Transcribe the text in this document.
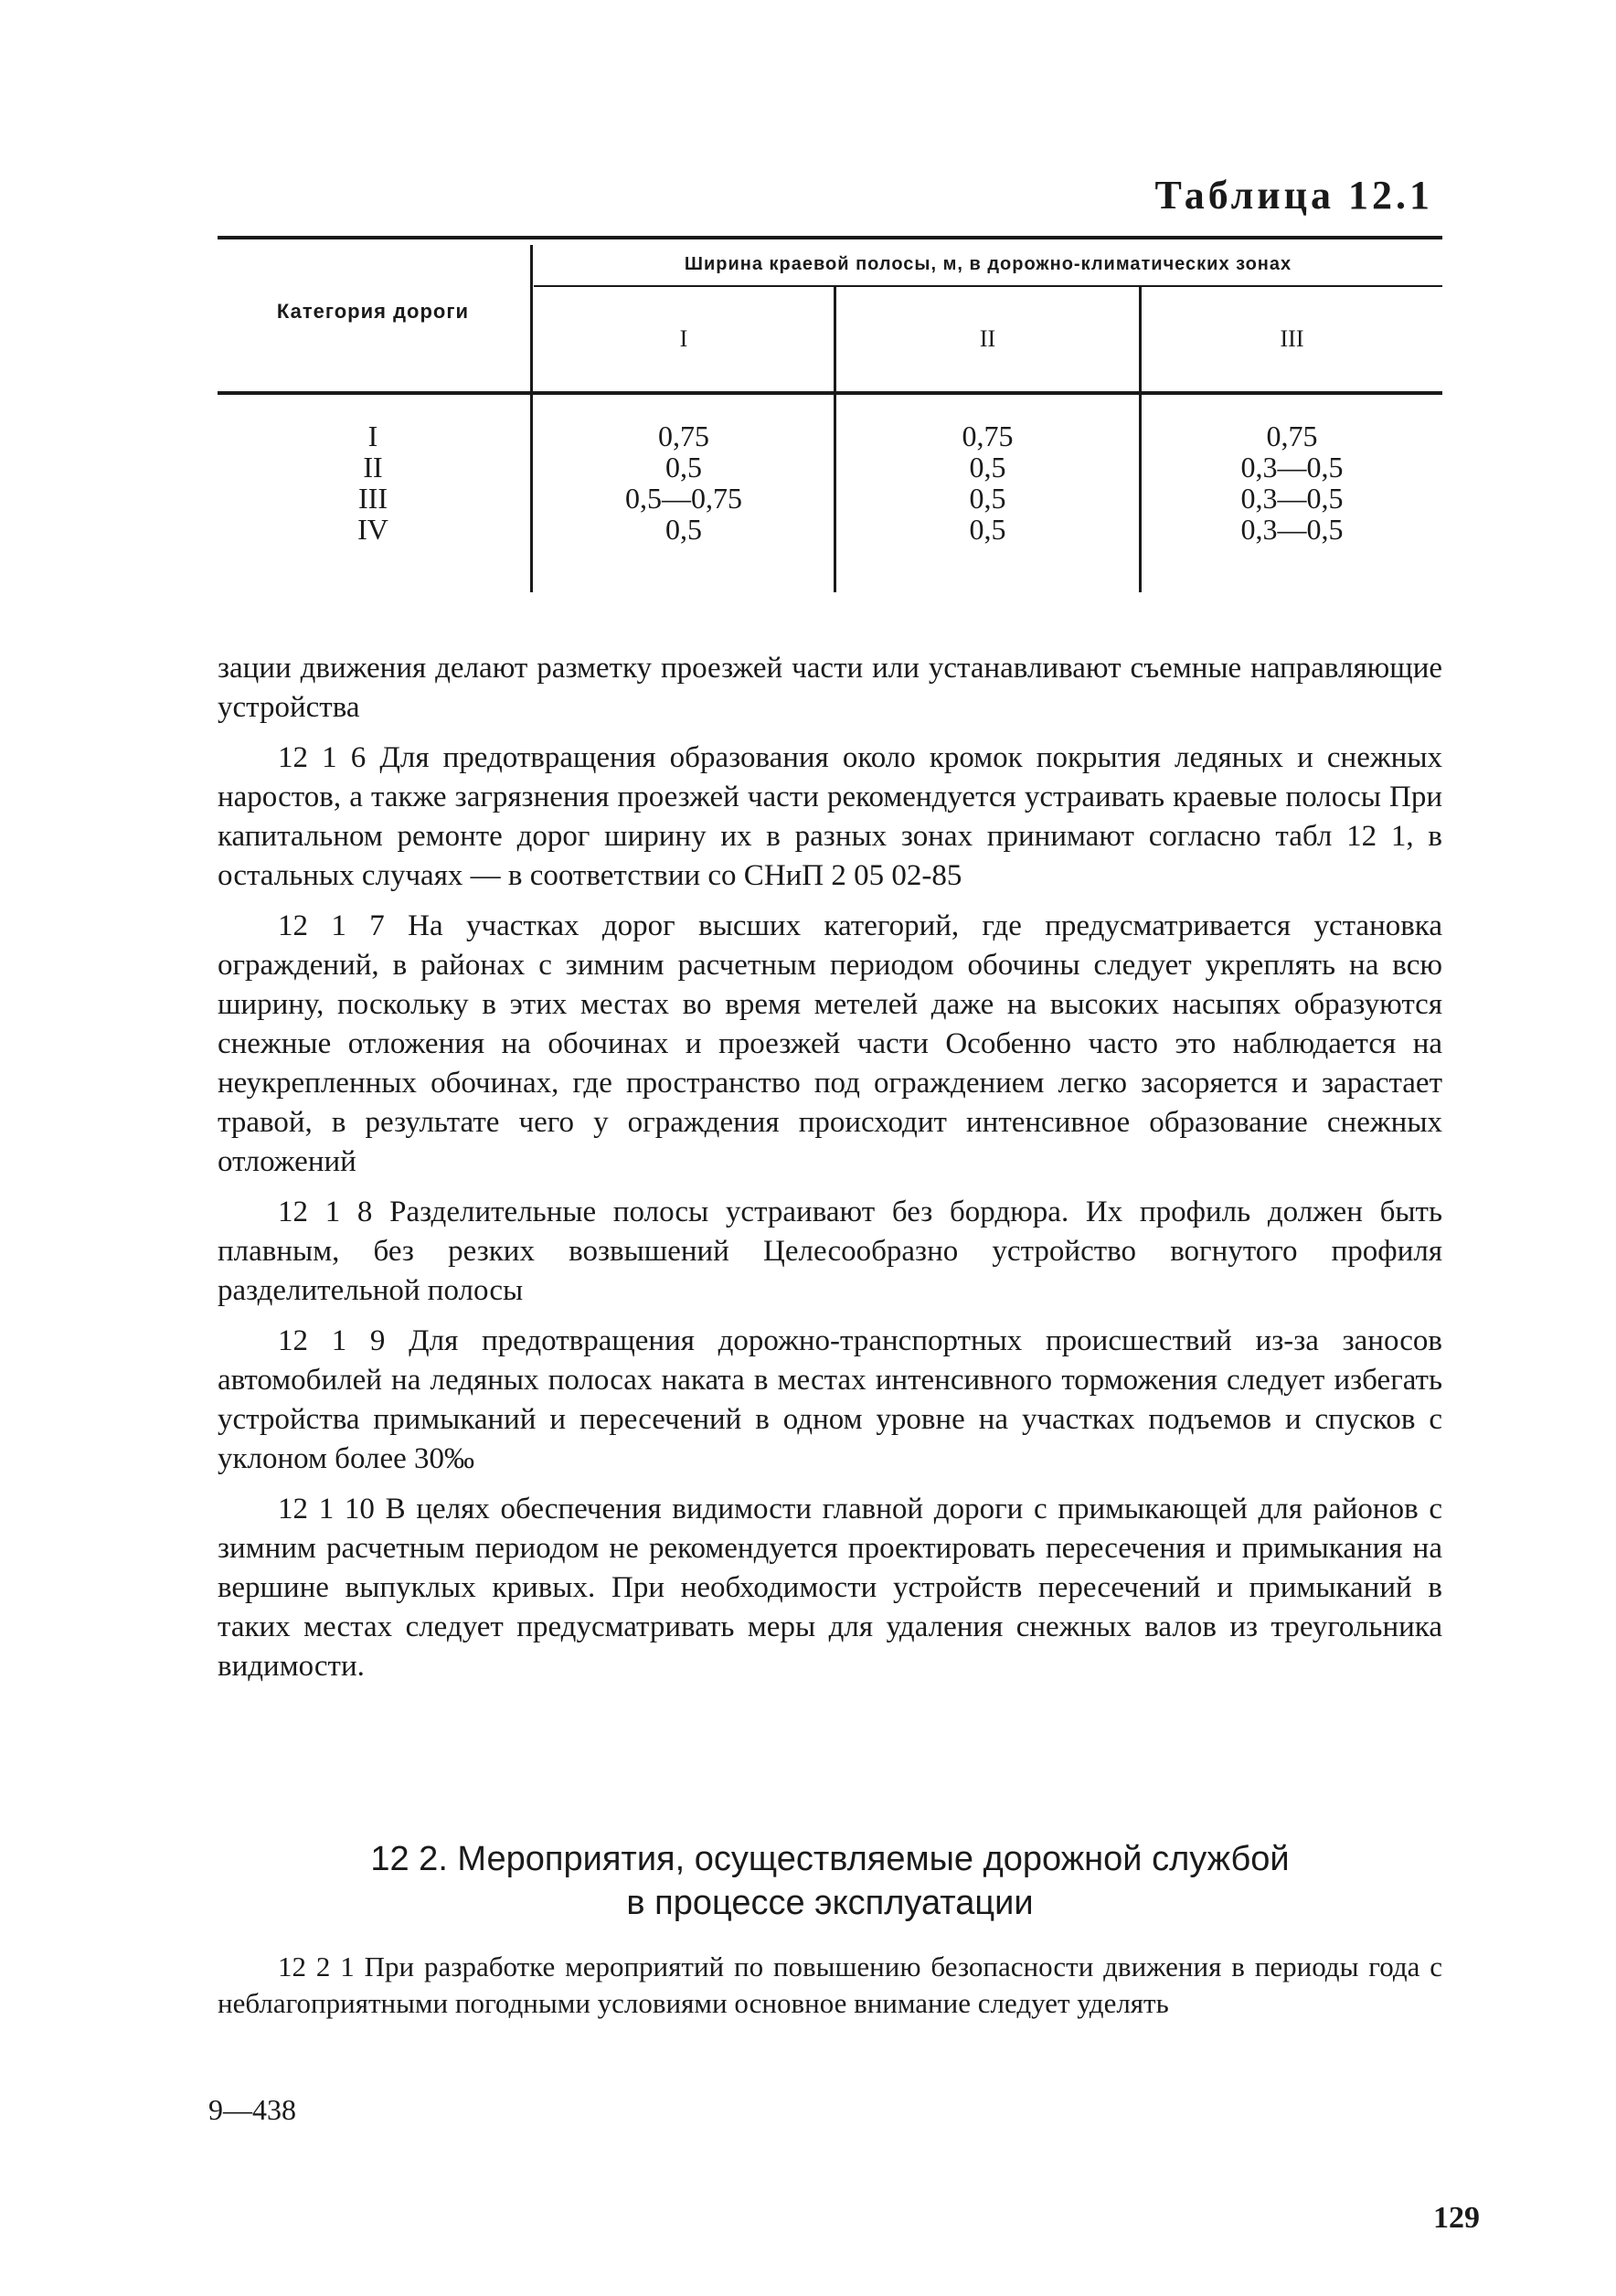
Таблица 12.1
Категория дороги
Ширина краевой полосы, м, в дорожно-климатических зонах
I	II	III
I
II
III
IV
0,75
0,5
0,5—0,75
0,5
0,75
0,5
0,5
0,5
0,75
0,3—0,5
0,3—0,5
0,3—0,5

зации движения делают разметку проезжей части или устанавливают съемные направляющие устройства

12 1 6 Для предотвращения образования около кромок покрытия ледяных и снежных наростов, а также загрязнения проезжей части рекомендуется устраивать краевые полосы При капитальном ремонте дорог ширину их в разных зонах принимают согласно табл 12 1, в остальных случаях — в соответствии со СНиП 2 05 02-85

12 1 7 На участках дорог высших категорий, где предусматривается установка ограждений, в районах с зимним расчетным периодом обочины следует укреплять на всю ширину, поскольку в этих местах во время метелей даже на высоких насыпях образуются снежные отложения на обочинах и проезжей части Особенно часто это наблюдается на неукрепленных обочинах, где пространство под ограждением легко засоряется и зарастает травой, в результате чего у ограждения происходит интенсивное образование снежных отложений

12 1 8 Разделительные полосы устраивают без бордюра. Их профиль должен быть плавным, без резких возвышений Целесообразно устройство вогнутого профиля разделительной полосы

12 1 9 Для предотвращения дорожно-транспортных происшествий из-за заносов автомобилей на ледяных полосах наката в местах интенсивного торможения следует избегать устройства примыканий и пересечений в одном уровне на участках подъемов и спусков с уклоном более 30‰

12 1 10 В целях обеспечения видимости главной дороги с примыкающей для районов с зимним расчетным периодом не рекомендуется проектировать пересечения и примыкания на вершине выпуклых кривых. При необходимости устройств пересечений и примыканий в таких местах следует предусматривать меры для удаления снежных валов из треугольника видимости.

12 2. Мероприятия, осуществляемые дорожной службой
в процессе эксплуатации
12 2 1 При разработке мероприятий по повышению безопасности движения в периоды года с неблагоприятными погодными условиями основное внимание следует уделять
9—438
129
